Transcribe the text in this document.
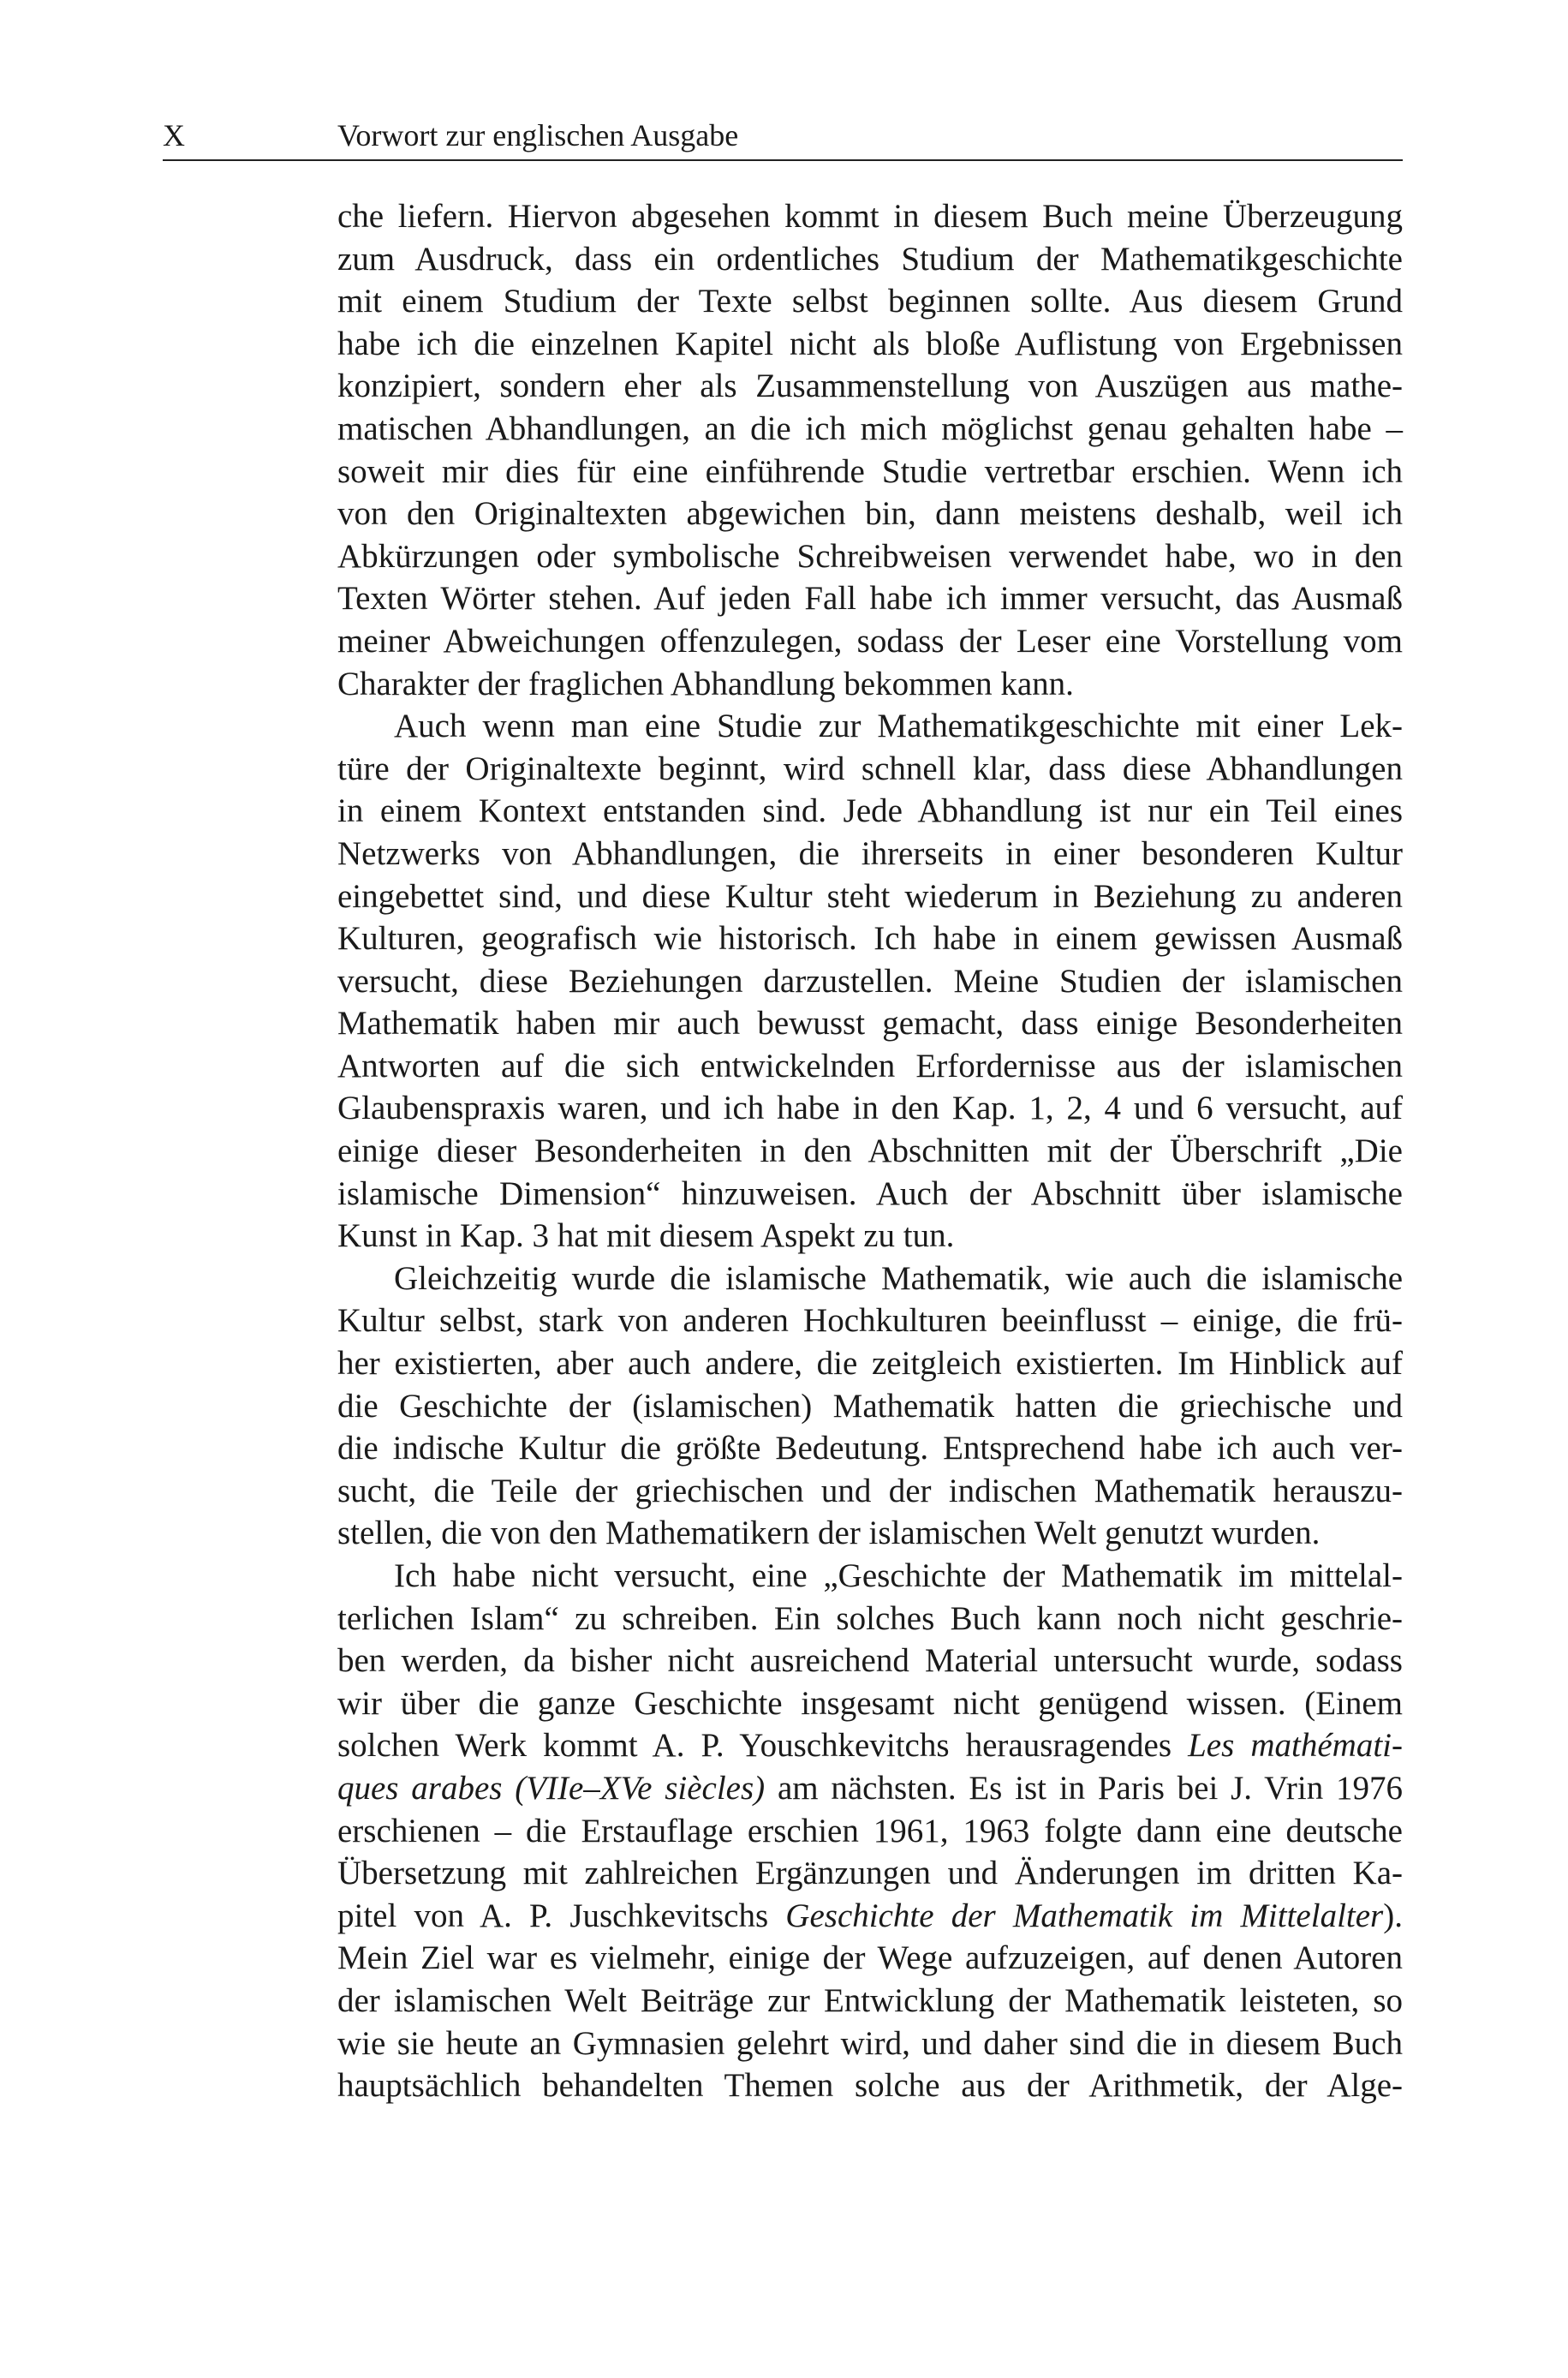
X	Vorwort zur englischen Ausgabe
che liefern. Hiervon abgesehen kommt in diesem Buch meine Überzeugung
zum Ausdruck, dass ein ordentliches Studium der Mathematikgeschichte
mit einem Studium der Texte selbst beginnen sollte. Aus diesem Grund
habe ich die einzelnen Kapitel nicht als bloße Auflistung von Ergebnissen
konzipiert, sondern eher als Zusammenstellung von Auszügen aus mathe-
matischen Abhandlungen, an die ich mich möglichst genau gehalten habe –
soweit mir dies für eine einführende Studie vertretbar erschien. Wenn ich
von den Originaltexten abgewichen bin, dann meistens deshalb, weil ich
Abkürzungen oder symbolische Schreibweisen verwendet habe, wo in den
Texten Wörter stehen. Auf jeden Fall habe ich immer versucht, das Ausmaß
meiner Abweichungen offenzulegen, sodass der Leser eine Vorstellung vom
Charakter der fraglichen Abhandlung bekommen kann.
Auch wenn man eine Studie zur Mathematikgeschichte mit einer Lek-
türe der Originaltexte beginnt, wird schnell klar, dass diese Abhandlungen
in einem Kontext entstanden sind. Jede Abhandlung ist nur ein Teil eines
Netzwerks von Abhandlungen, die ihrerseits in einer besonderen Kultur
eingebettet sind, und diese Kultur steht wiederum in Beziehung zu anderen
Kulturen, geografisch wie historisch. Ich habe in einem gewissen Ausmaß
versucht, diese Beziehungen darzustellen. Meine Studien der islamischen
Mathematik haben mir auch bewusst gemacht, dass einige Besonderheiten
Antworten auf die sich entwickelnden Erfordernisse aus der islamischen
Glaubenspraxis waren, und ich habe in den Kap. 1, 2, 4 und 6 versucht, auf
einige dieser Besonderheiten in den Abschnitten mit der Überschrift „Die
islamische Dimension“ hinzuweisen. Auch der Abschnitt über islamische
Kunst in Kap. 3 hat mit diesem Aspekt zu tun.
Gleichzeitig wurde die islamische Mathematik, wie auch die islamische
Kultur selbst, stark von anderen Hochkulturen beeinflusst – einige, die frü-
her existierten, aber auch andere, die zeitgleich existierten. Im Hinblick auf
die Geschichte der (islamischen) Mathematik hatten die griechische und
die indische Kultur die größte Bedeutung. Entsprechend habe ich auch ver-
sucht, die Teile der griechischen und der indischen Mathematik herauszu-
stellen, die von den Mathematikern der islamischen Welt genutzt wurden.
Ich habe nicht versucht, eine „Geschichte der Mathematik im mittelal-
terlichen Islam“ zu schreiben. Ein solches Buch kann noch nicht geschrie-
ben werden, da bisher nicht ausreichend Material untersucht wurde, sodass
wir über die ganze Geschichte insgesamt nicht genügend wissen. (Einem
solchen Werk kommt A. P. Youschkevitchs herausragendes Les mathémati-
ques arabes (VIIe–XVe siècles) am nächsten. Es ist in Paris bei J. Vrin 1976
erschienen – die Erstauflage erschien 1961, 1963 folgte dann eine deutsche
Übersetzung mit zahlreichen Ergänzungen und Änderungen im dritten Ka-
pitel von A. P. Juschkevitschs Geschichte der Mathematik im Mittelalter).
Mein Ziel war es vielmehr, einige der Wege aufzuzeigen, auf denen Autoren
der islamischen Welt Beiträge zur Entwicklung der Mathematik leisteten, so
wie sie heute an Gymnasien gelehrt wird, und daher sind die in diesem Buch
hauptsächlich behandelten Themen solche aus der Arithmetik, der Alge-
